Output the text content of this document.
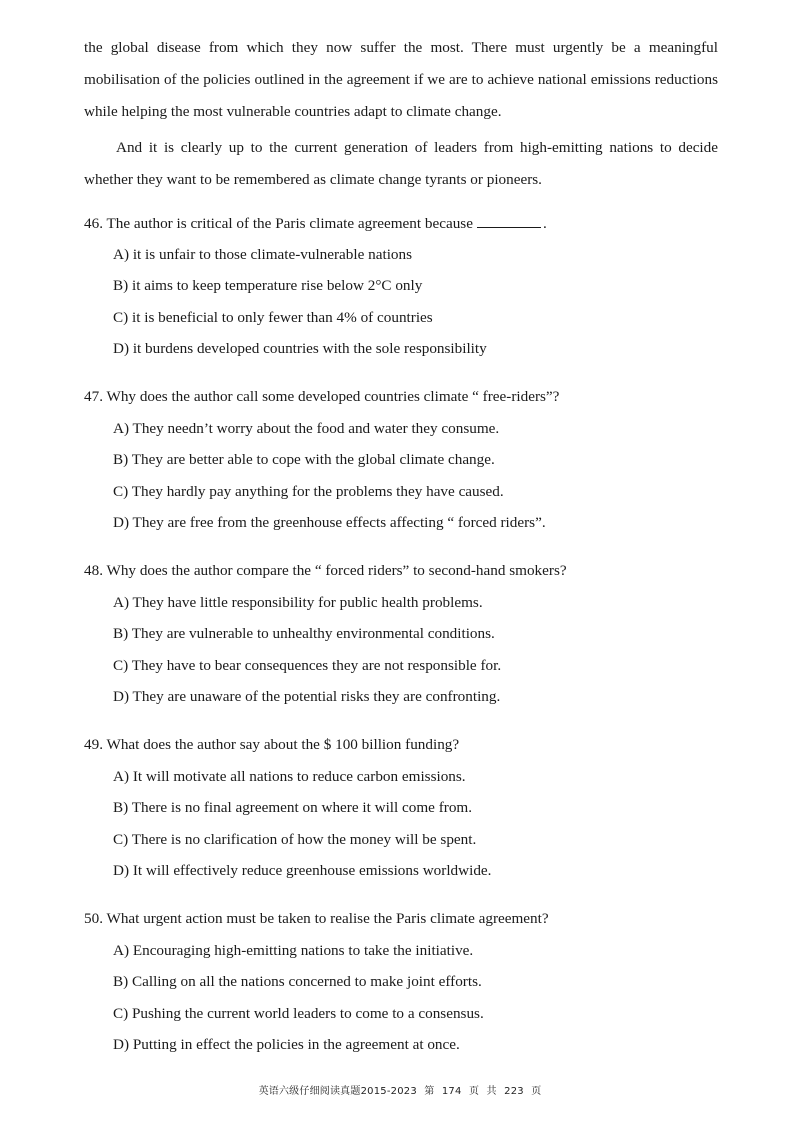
the global disease from which they now suffer the most. There must urgently be a meaningful mobilisation of the policies outlined in the agreement if we are to achieve national emissions reductions while helping the most vulnerable countries adapt to climate change.

And it is clearly up to the current generation of leaders from high-emitting nations to decide whether they want to be remembered as climate change tyrants or pioneers.

46. The author is critical of the Paris climate agreement because	.
A) it is unfair to those climate-vulnerable nations
B) it aims to keep temperature rise below 2°C only
C) it is beneficial to only fewer than 4% of countries
D) it burdens developed countries with the sole responsibility
47. Why does the author call some developed countries climate “ free-riders”?
A) They needn’t worry about the food and water they consume.
B) They are better able to cope with the global climate change.
C) They hardly pay anything for the problems they have caused.
D) They are free from the greenhouse effects affecting “ forced riders”.
48. Why does the author compare the “ forced riders” to second-hand smokers?
A) They have little responsibility for public health problems.
B) They are vulnerable to unhealthy environmental conditions.
C) They have to bear consequences they are not responsible for.
D) They are unaware of the potential risks they are confronting.
49. What does the author say about the $ 100 billion funding?
A) It will motivate all nations to reduce carbon emissions.
B) There is no final agreement on where it will come from.
C) There is no clarification of how the money will be spent.
D) It will effectively reduce greenhouse emissions worldwide.
50. What urgent action must be taken to realise the Paris climate agreement?
A) Encouraging high-emitting nations to take the initiative.
B) Calling on all the nations concerned to make joint efforts.
C) Pushing the current world leaders to come to a consensus.
D) Putting in effect the policies in the agreement at once.
英语六级仔细阅读真题2015-2023 第 174 页 共 223 页
